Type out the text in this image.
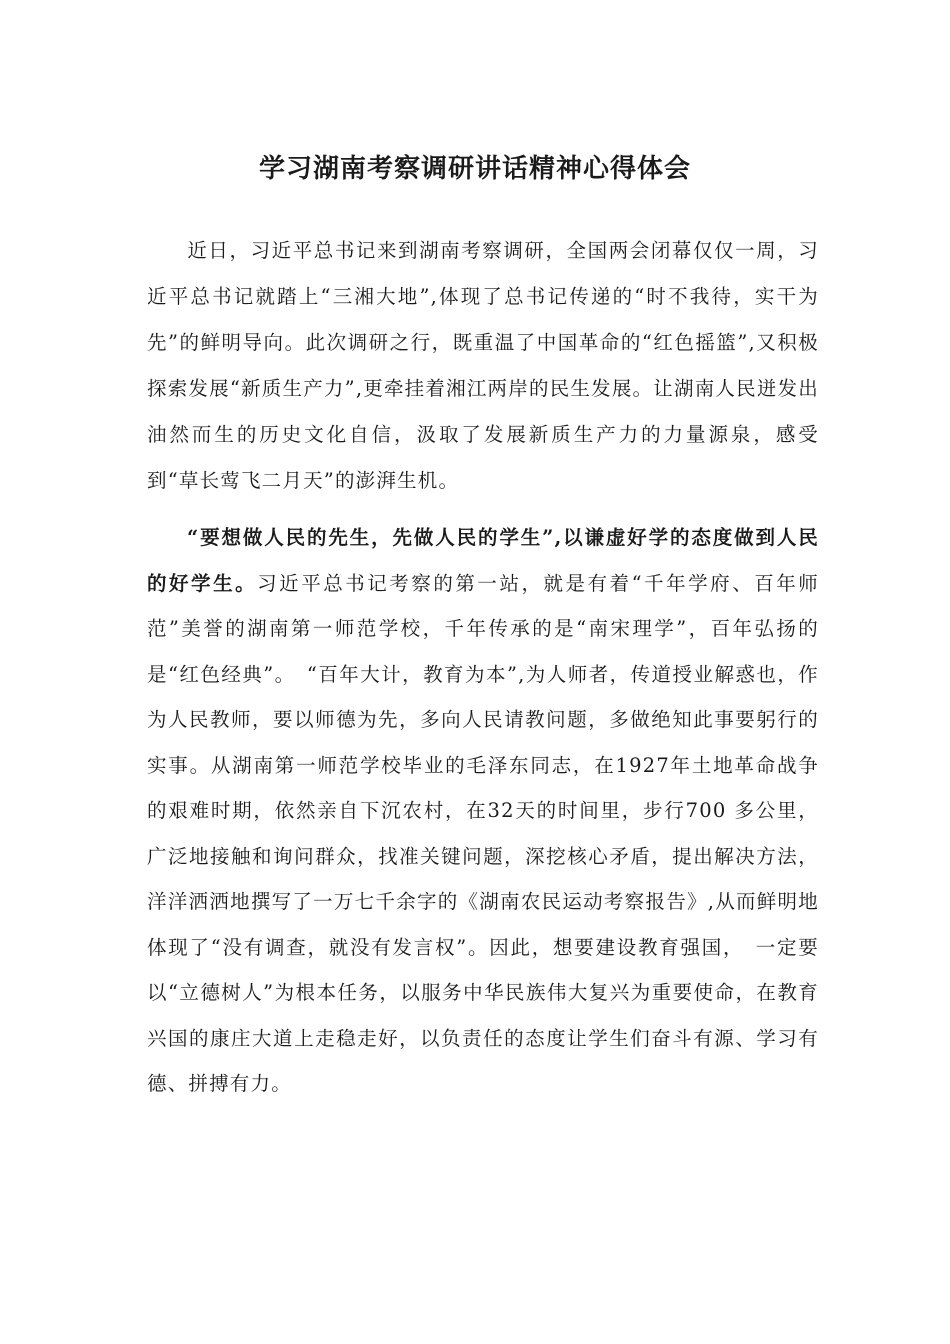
学习湖南考察调研讲话精神心得体会

近日，习近平总书记来到湖南考察调研，全国两会闭幕仅仅一周，习近平总书记就踏上“三湘大地”,体现了总书记传递的“时不我待，实干为先”的鲜明导向。此次调研之行，既重温了中国革命的“红色摇篮”,又积极探索发展“新质生产力”,更牵挂着湘江两岸的民生发展。让湖南人民迸发出油然而生的历史文化自信，汲取了发展新质生产力的力量源泉，感受到“草长莺飞二月天”的澎湃生机。

“要想做人民的先生，先做人民的学生”,以谦虚好学的态度做到人民的好学生。习近平总书记考察的第一站，就是有着“千年学府、百年师范”美誉的湖南第一师范学校，千年传承的是“南宋理学”，百年弘扬的是“红色经典”。　“百年大计，教育为本”,为人师者，传道授业解惑也，作为人民教师，要以师德为先，多向人民请教问题，多做绝知此事要躬行的实事。从湖南第一师范学校毕业的毛泽东同志，在1927年土地革命战争的艰难时期，依然亲自下沉农村，在32天的时间里，步行700 多公里，广泛地接触和询问群众，找准关键问题，深挖核心矛盾，提出解决方法，洋洋洒洒地撰写了一万七千余字的《湖南农民运动考察报告》,从而鲜明地体现了“没有调查，就没有发言权”。因此，想要建设教育强国，　一定要以“立德树人”为根本任务，以服务中华民族伟大复兴为重要使命，在教育兴国的康庄大道上走稳走好，以负责任的态度让学生们奋斗有源、学习有德、拼搏有力。
